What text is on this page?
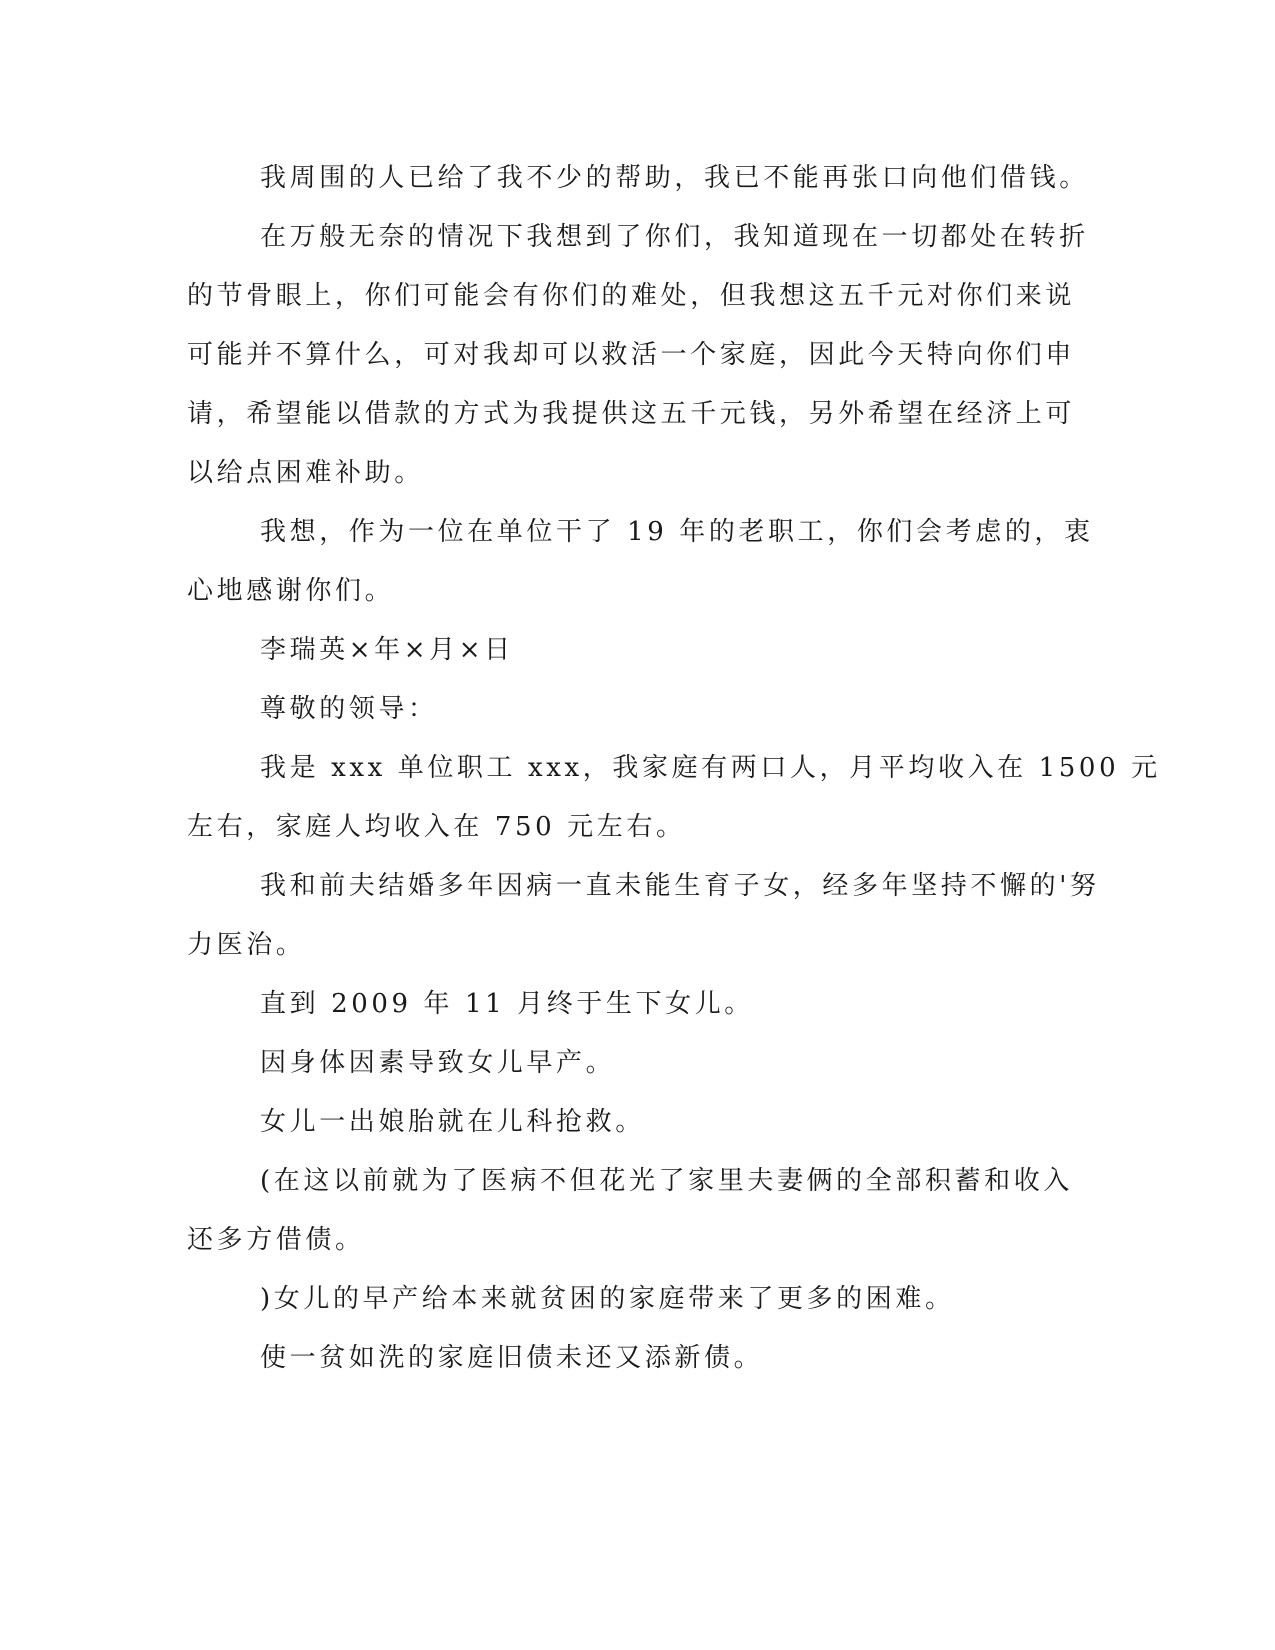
我周围的人已给了我不少的帮助，我已不能再张口向他们借钱。
在万般无奈的情况下我想到了你们，我知道现在一切都处在转折
的节骨眼上，你们可能会有你们的难处，但我想这五千元对你们来说
可能并不算什么，可对我却可以救活一个家庭，因此今天特向你们申
请，希望能以借款的方式为我提供这五千元钱，另外希望在经济上可
以给点困难补助。
我想，作为一位在单位干了 19 年的老职工，你们会考虑的，衷
心地感谢你们。
李瑞英×年×月×日
尊敬的领导：
我是 xxx 单位职工 xxx，我家庭有两口人，月平均收入在 1500 元
左右，家庭人均收入在 750 元左右。
我和前夫结婚多年因病一直未能生育子女，经多年坚持不懈的'努
力医治。
直到 2009 年 11 月终于生下女儿。
因身体因素导致女儿早产。
女儿一出娘胎就在儿科抢救。
(在这以前就为了医病不但花光了家里夫妻俩的全部积蓄和收入
还多方借债。
)女儿的早产给本来就贫困的家庭带来了更多的困难。
使一贫如洗的家庭旧债未还又添新债。
